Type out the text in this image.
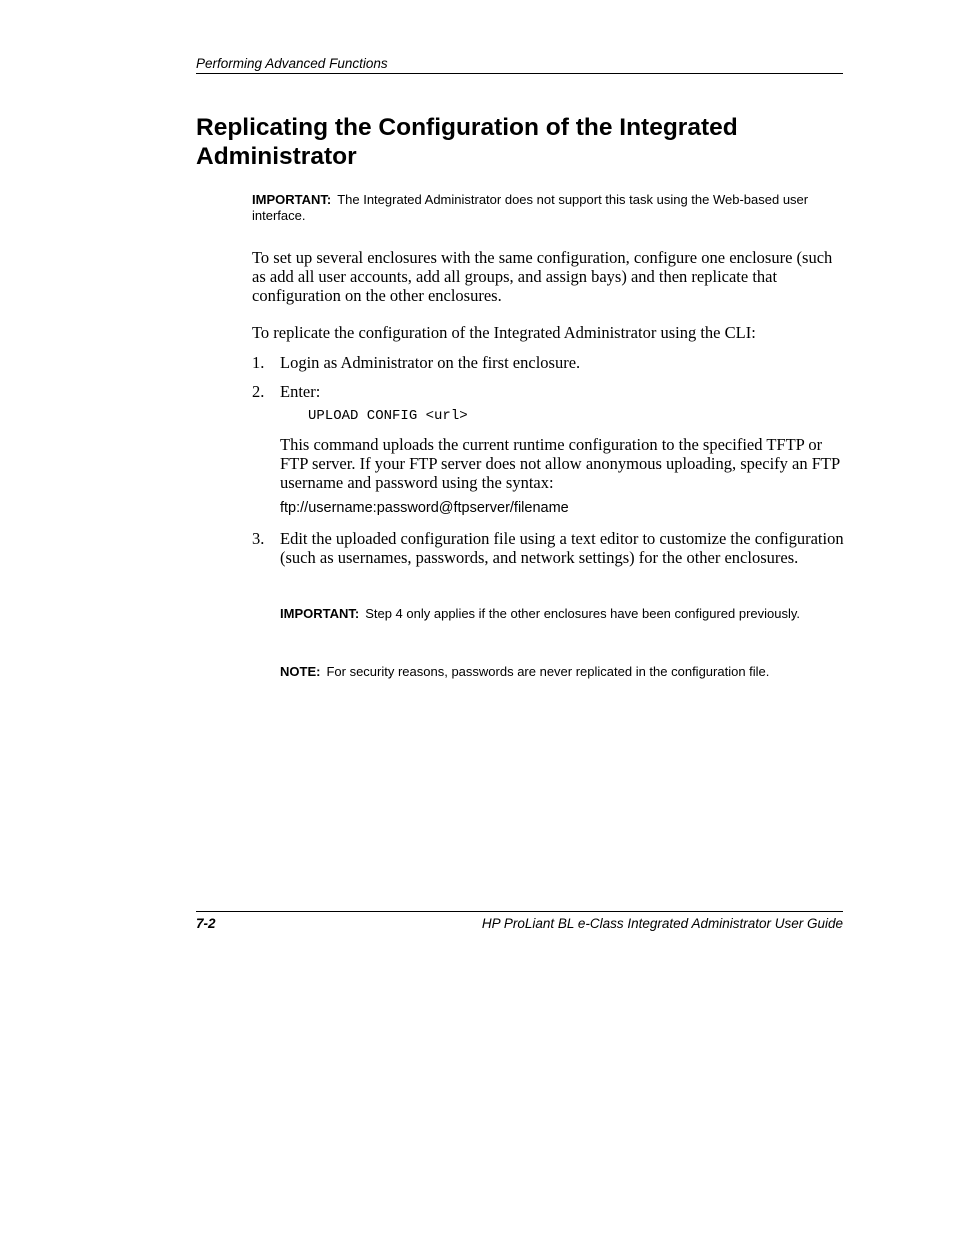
Performing Advanced Functions
Replicating the Configuration of the Integrated Administrator
IMPORTANT: The Integrated Administrator does not support this task using the Web-based user interface.

To set up several enclosures with the same configuration, configure one enclosure (such as add all user accounts, add all groups, and assign bays) and then replicate that configuration on the other enclosures.

To replicate the configuration of the Integrated Administrator using the CLI:

1. Login as Administrator on the first enclosure.
2. Enter:
UPLOAD CONFIG <url>

This command uploads the current runtime configuration to the specified TFTP or FTP server. If your FTP server does not allow anonymous uploading, specify an FTP username and password using the syntax:

ftp://username:password@ftpserver/filename
3. Edit the uploaded configuration file using a text editor to customize the configuration (such as usernames, passwords, and network settings) for the other enclosures.
IMPORTANT: Step 4 only applies if the other enclosures have been configured previously.
NOTE: For security reasons, passwords are never replicated in the configuration file.
7-2	HP ProLiant BL e-Class Integrated Administrator User Guide
